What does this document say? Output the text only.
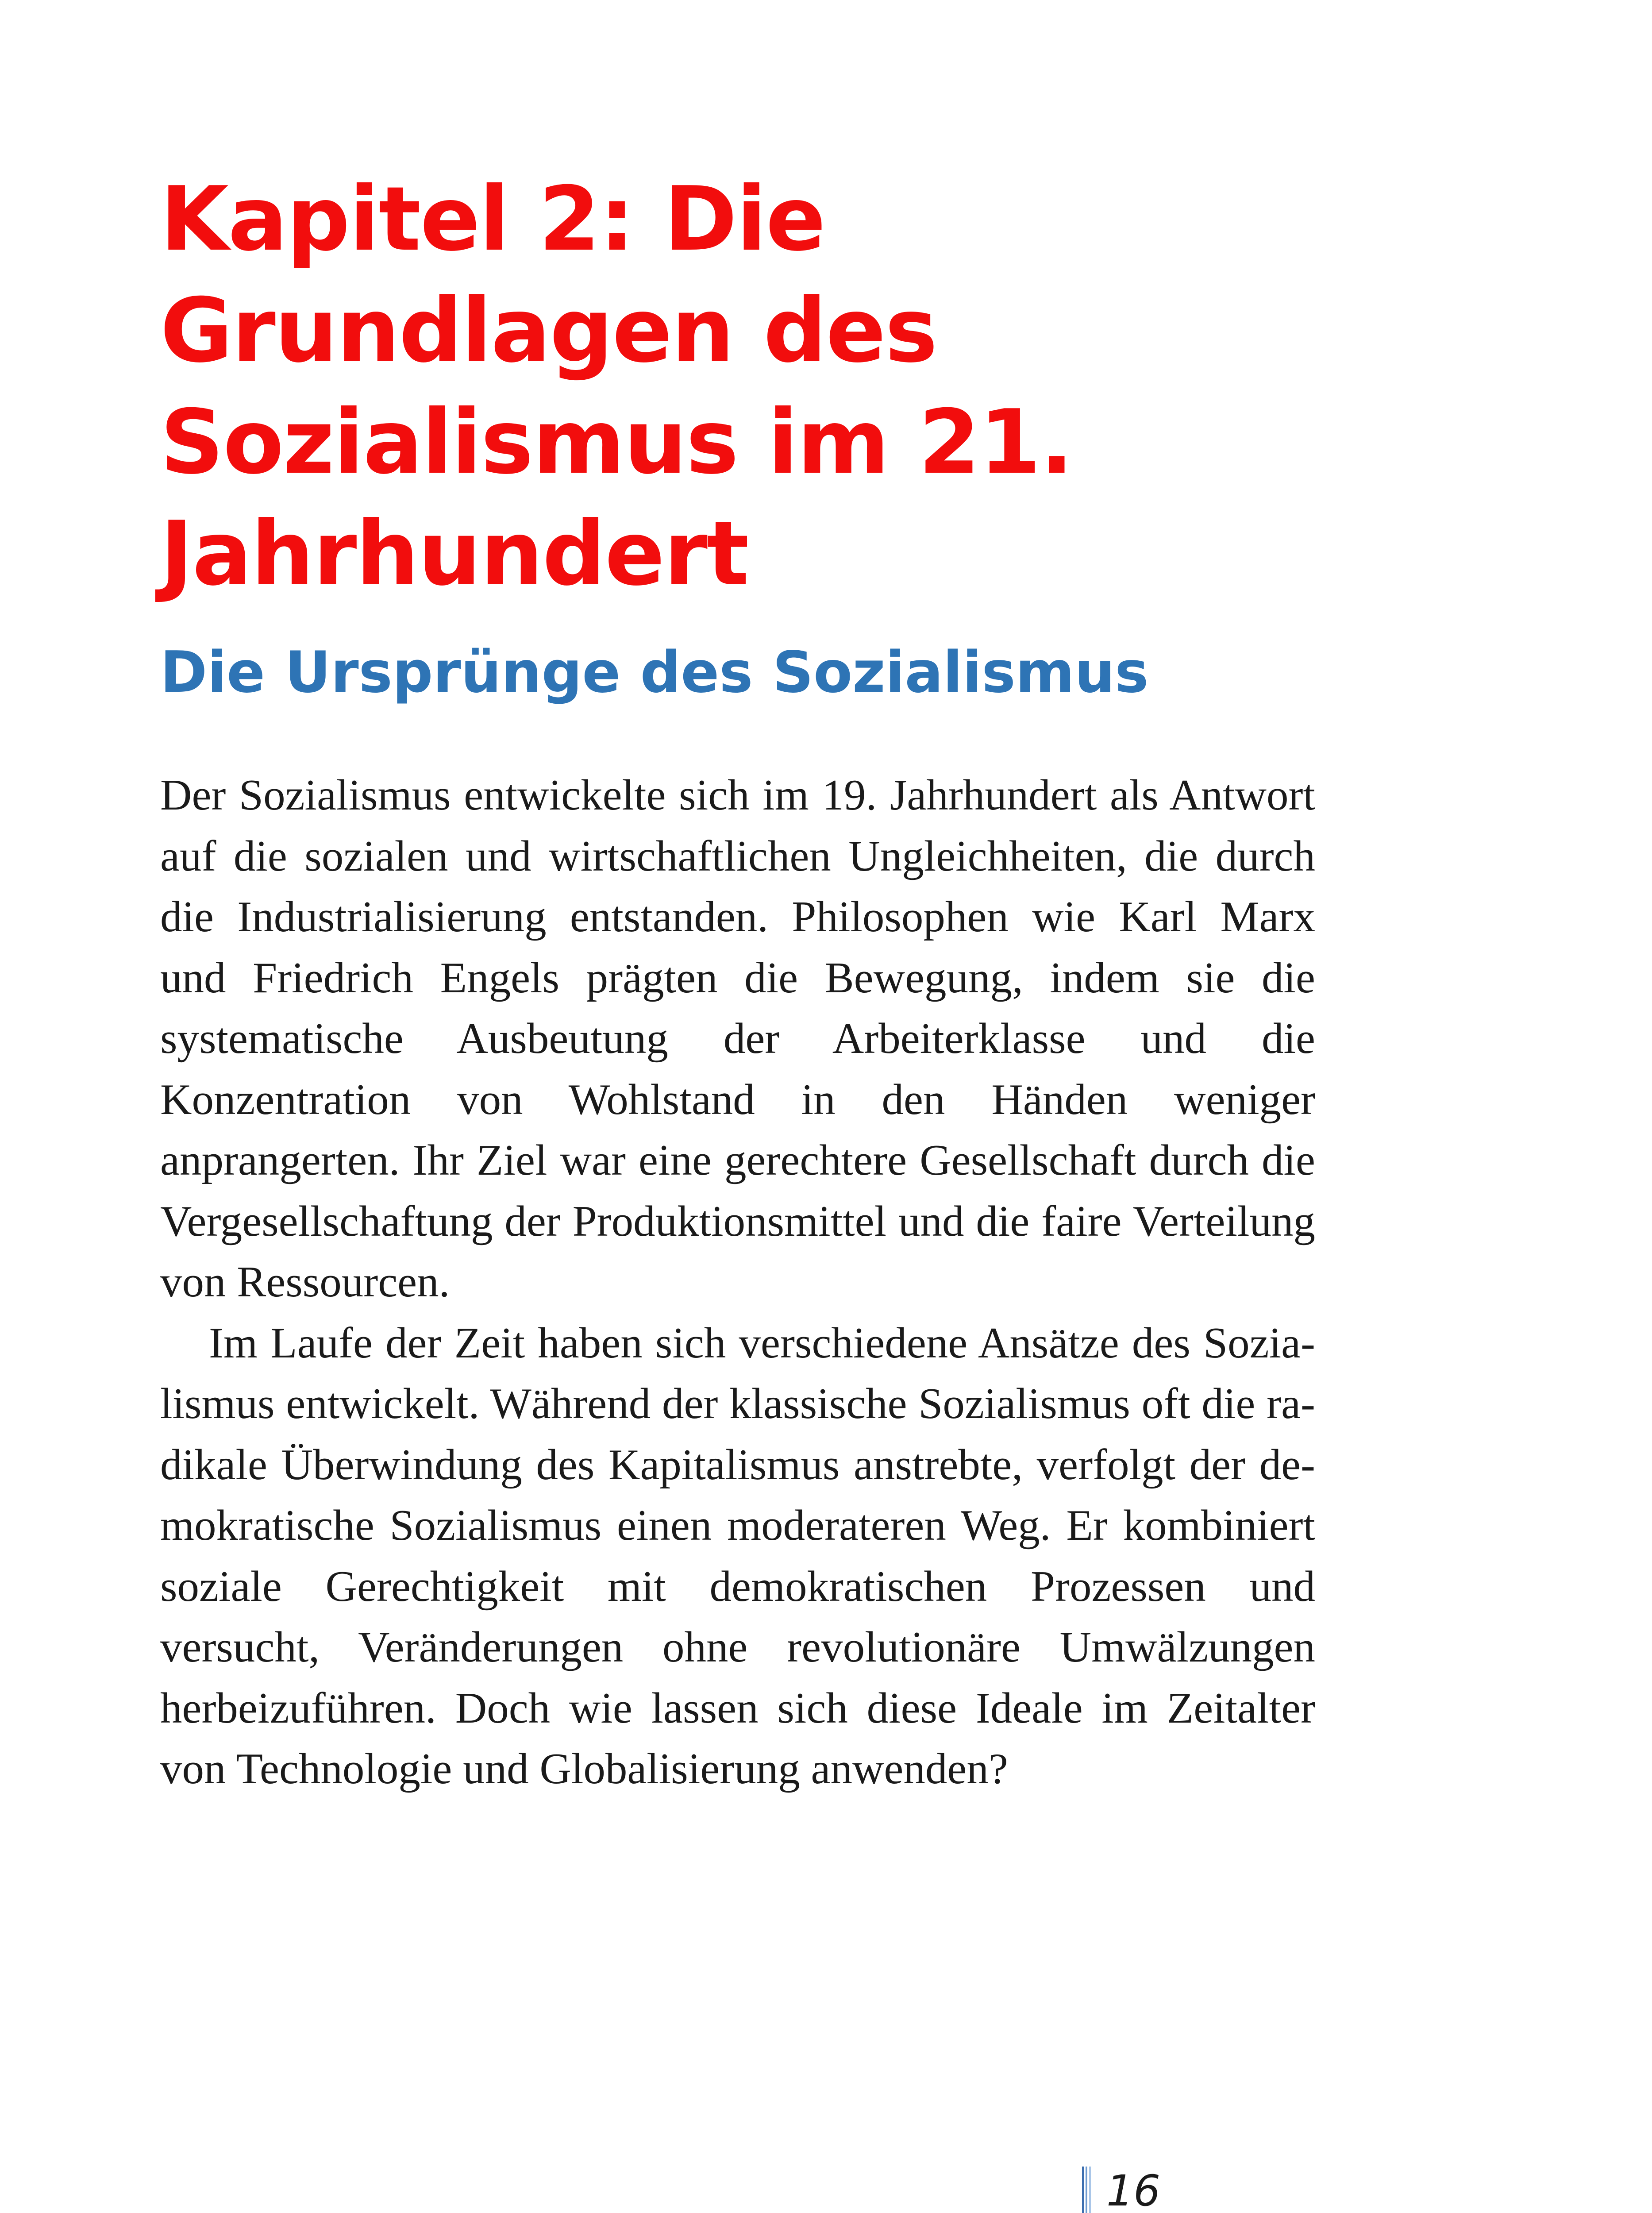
Kapitel 2: Die
Grundlagen des
Sozialismus im 21.
Jahrhundert
Die Ursprünge des Sozialismus

Der Sozialismus entwickelte sich im 19. Jahrhundert als Antwort auf die sozialen und wirtschaftlichen Ungleichheiten, die durch die Industrialisierung entstanden. Philosophen wie Karl Marx und Friedrich Engels prägten die Bewegung, indem sie die systematische Ausbeutung der Arbeiterklasse und die Konzentration von Wohlstand in den Händen weniger anprangerten. Ihr Ziel war eine gerechtere Gesellschaft durch die Vergesellschaftung der Produktionsmittel und die faire Verteilung von Ressourcen.

Im Laufe der Zeit haben sich verschiedene Ansätze des Sozialismus entwickelt. Während der klassische Sozialismus oft die radikale Überwindung des Kapitalismus anstrebte, verfolgt der demokratische Sozialismus einen moderateren Weg. Er kombiniert soziale Gerechtigkeit mit demokratischen Prozessen und versucht, Veränderungen ohne revolutionäre Umwälzungen herbeizuführen. Doch wie lassen sich diese Ideale im Zeitalter von Technologie und Globalisierung anwenden?

16
